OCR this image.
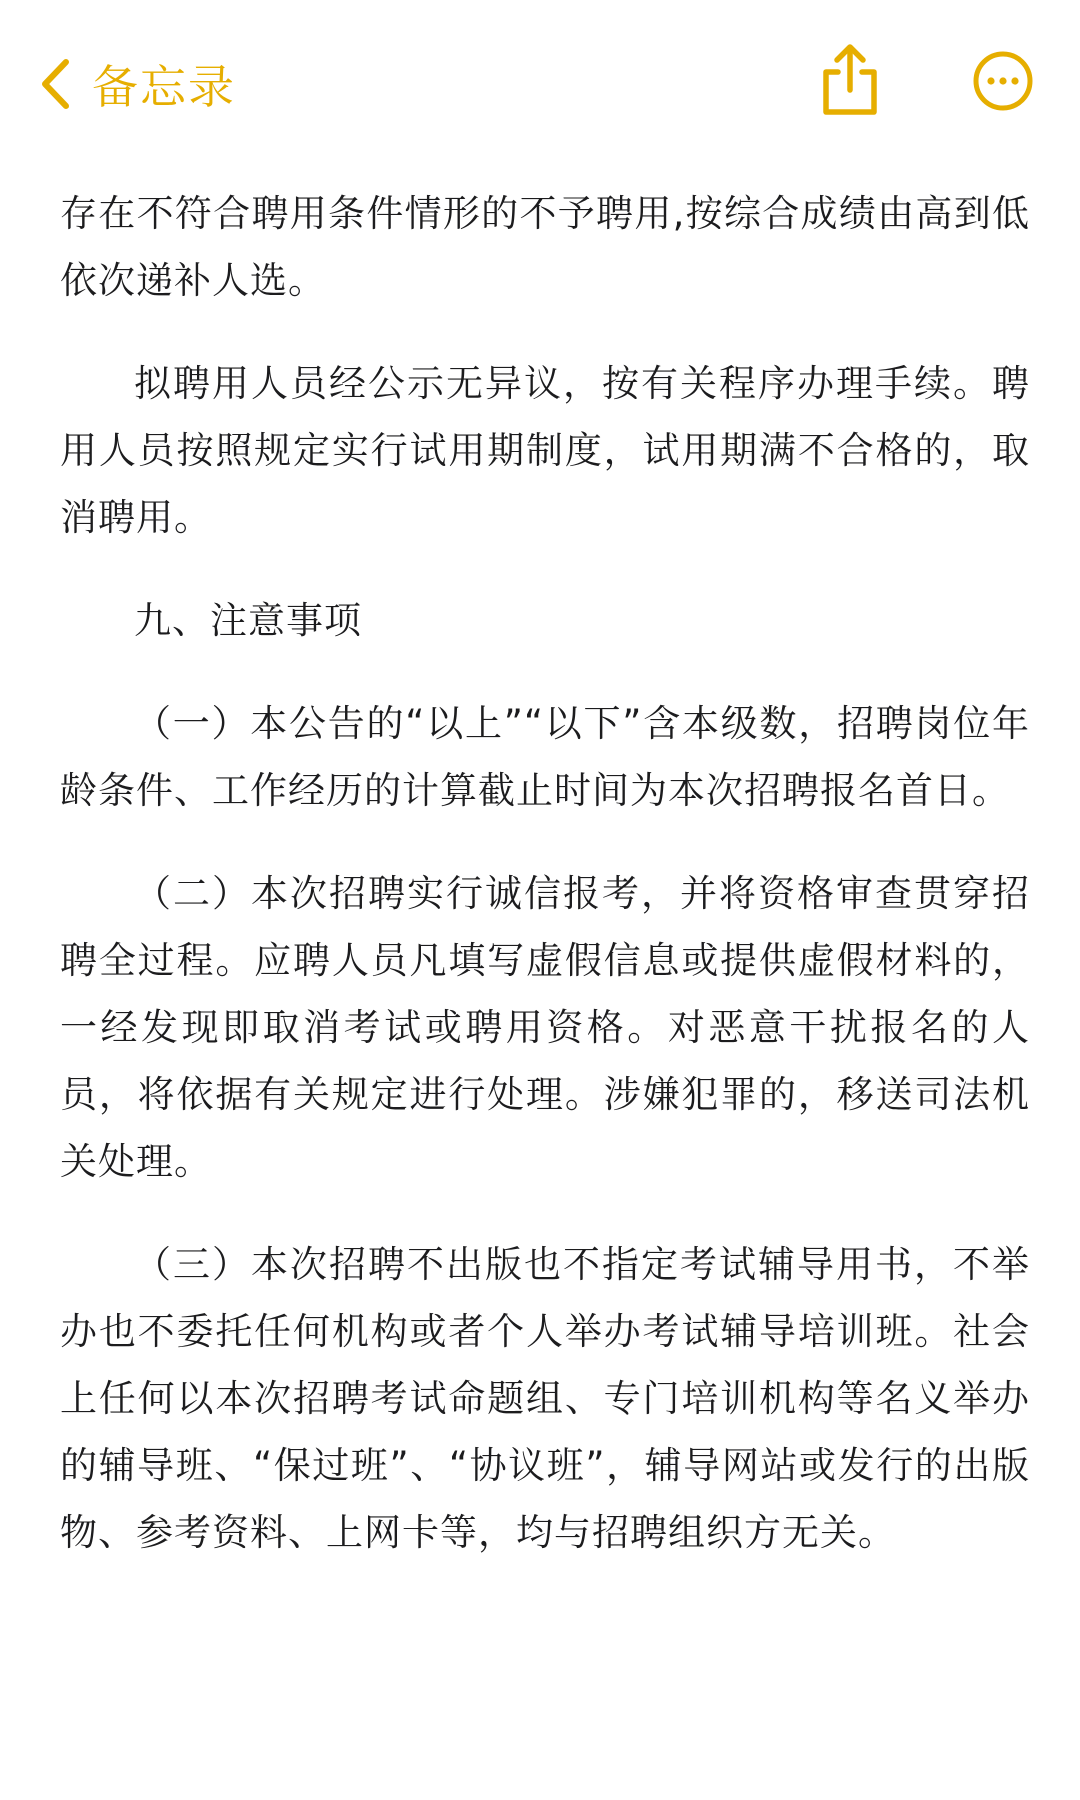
备忘录

存在不符合聘用条件情形的不予聘用,按综合成绩由高到低依次递补人选。

拟聘用人员经公示无异议，按有关程序办理手续。聘用人员按照规定实行试用期制度，试用期满不合格的，取消聘用。

九、注意事项

（一）本公告的“以上”“以下”含本级数，招聘岗位年龄条件、工作经历的计算截止时间为本次招聘报名首日。

（二）本次招聘实行诚信报考，并将资格审查贯穿招聘全过程。应聘人员凡填写虚假信息或提供虚假材料的，一经发现即取消考试或聘用资格。对恶意干扰报名的人员，将依据有关规定进行处理。涉嫌犯罪的，移送司法机关处理。

（三）本次招聘不出版也不指定考试辅导用书，不举办也不委托任何机构或者个人举办考试辅导培训班。社会上任何以本次招聘考试命题组、专门培训机构等名义举办的辅导班、“保过班”、“协议班”，辅导网站或发行的出版物、参考资料、上网卡等，均与招聘组织方无关。
